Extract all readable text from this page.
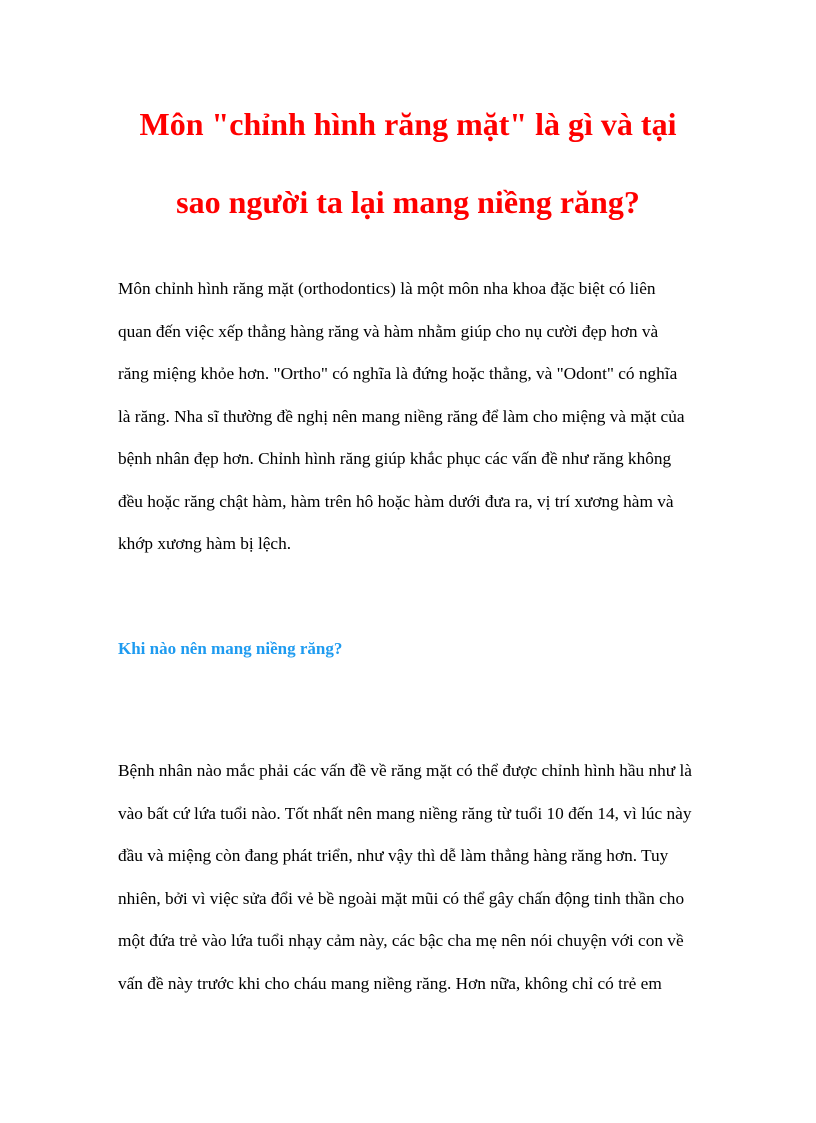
Môn "chỉnh hình răng mặt" là gì và tại
sao người ta lại mang niềng răng?

Môn chỉnh hình răng mặt (orthodontics) là một môn nha khoa đặc biệt có liên
quan đến việc xếp thẳng hàng răng và hàm nhằm giúp cho nụ cười đẹp hơn và
răng miệng khỏe hơn. "Ortho" có nghĩa là đứng hoặc thẳng, và "Odont" có nghĩa
là răng. Nha sĩ thường đề nghị nên mang niềng răng để làm cho miệng và mặt của
bệnh nhân đẹp hơn. Chỉnh hình răng giúp khắc phục các vấn đề như răng không
đều hoặc răng chật hàm, hàm trên hô hoặc hàm dưới đưa ra, vị trí xương hàm và
khớp xương hàm bị lệch.

Khi nào nên mang niềng răng?

Bệnh nhân nào mắc phải các vấn đề về răng mặt có thể được chỉnh hình hầu như là
vào bất cứ lứa tuổi nào. Tốt nhất nên mang niềng răng từ tuổi 10 đến 14, vì lúc này
đầu và miệng còn đang phát triển, như vậy thì dễ làm thẳng hàng răng hơn. Tuy
nhiên, bởi vì việc sửa đổi vẻ bề ngoài mặt mũi có thể gây chấn động tinh thần cho
một đứa trẻ vào lứa tuổi nhạy cảm này, các bậc cha mẹ nên nói chuyện với con về
vấn đề này trước khi cho cháu mang niềng răng. Hơn nữa, không chỉ có trẻ em
